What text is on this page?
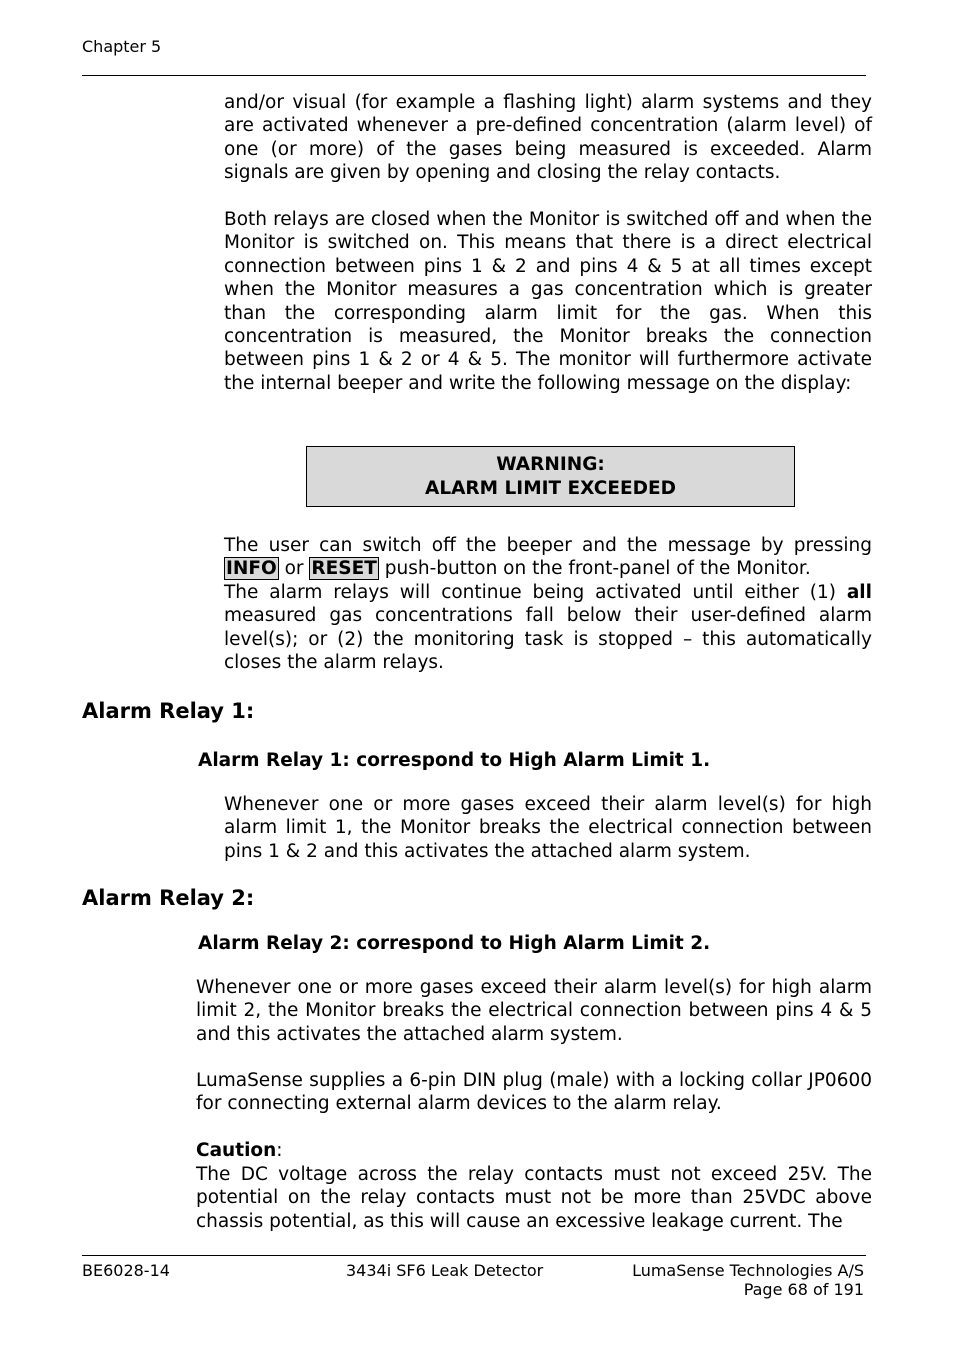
Chapter 5

and/or visual (for example a flashing light) alarm systems and they are activated whenever a pre-defined concentration (alarm level) of one (or more) of the gases being measured is exceeded. Alarm signals are given by opening and closing the relay contacts.

Both relays are closed when the Monitor is switched off and when the Monitor is switched on. This means that there is a direct electrical connection between pins 1 & 2 and pins 4 & 5 at all times except when the Monitor measures a gas concentration which is greater than the corresponding alarm limit for the gas. When this concentration is measured, the Monitor breaks the connection between pins 1 & 2 or 4 & 5. The monitor will furthermore activate the internal beeper and write the following message on the display:

WARNING:
ALARM LIMIT EXCEEDED

The user can switch off the beeper and the message by pressing INFO or RESET push-button on the front-panel of the Monitor.

The alarm relays will continue being activated until either (1) all measured gas concentrations fall below their user-defined alarm level(s); or (2) the monitoring task is stopped – this automatically closes the alarm relays.

Alarm Relay 1:
Alarm Relay 1: correspond to High Alarm Limit 1.

Whenever one or more gases exceed their alarm level(s) for high alarm limit 1, the Monitor breaks the electrical connection between pins 1 & 2 and this activates the attached alarm system.

Alarm Relay 2:
Alarm Relay 2: correspond to High Alarm Limit 2.

Whenever one or more gases exceed their alarm level(s) for high alarm limit 2, the Monitor breaks the electrical connection between pins 4 & 5 and this activates the attached alarm system.

LumaSense supplies a 6-pin DIN plug (male) with a locking collar JP0600 for connecting external alarm devices to the alarm relay.

Caution:

The DC voltage across the relay contacts must not exceed 25V. The potential on the relay contacts must not be more than 25VDC above chassis potential, as this will cause an excessive leakage current. The

BE6028-14	3434i SF6 Leak Detector	LumaSense Technologies A/S
Page 68 of 191
